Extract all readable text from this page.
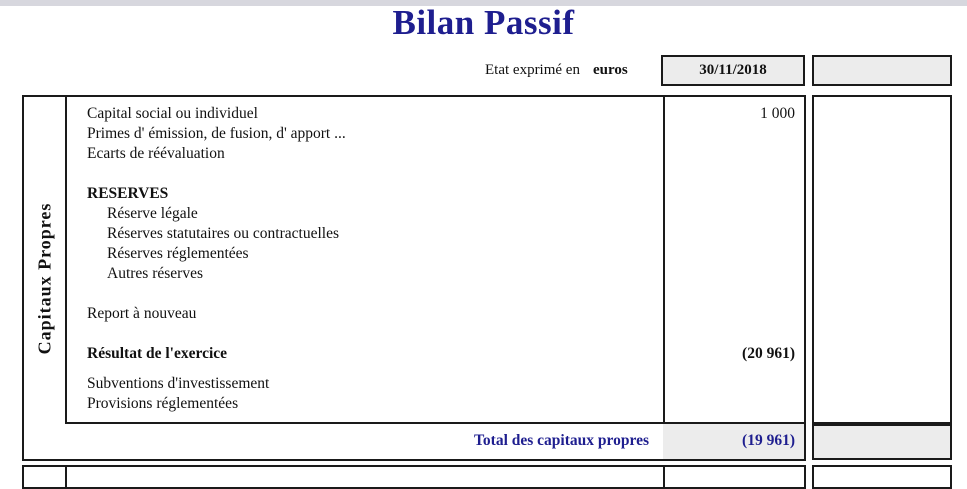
Bilan Passif
Etat exprimé en euros	30/11/2018
Capitaux Propres
Capital social ou individuel	1 000
Primes d' émission, de fusion, d' apport ...
Ecarts de réévaluation
RESERVES
Réserve légale
Réserves statutaires ou contractuelles
Réserves réglementées
Autres réserves
Report à nouveau
Résultat de l'exercice	(20 961)
Subventions d'investissement
Provisions réglementées
Total des capitaux propres	(19 961)
